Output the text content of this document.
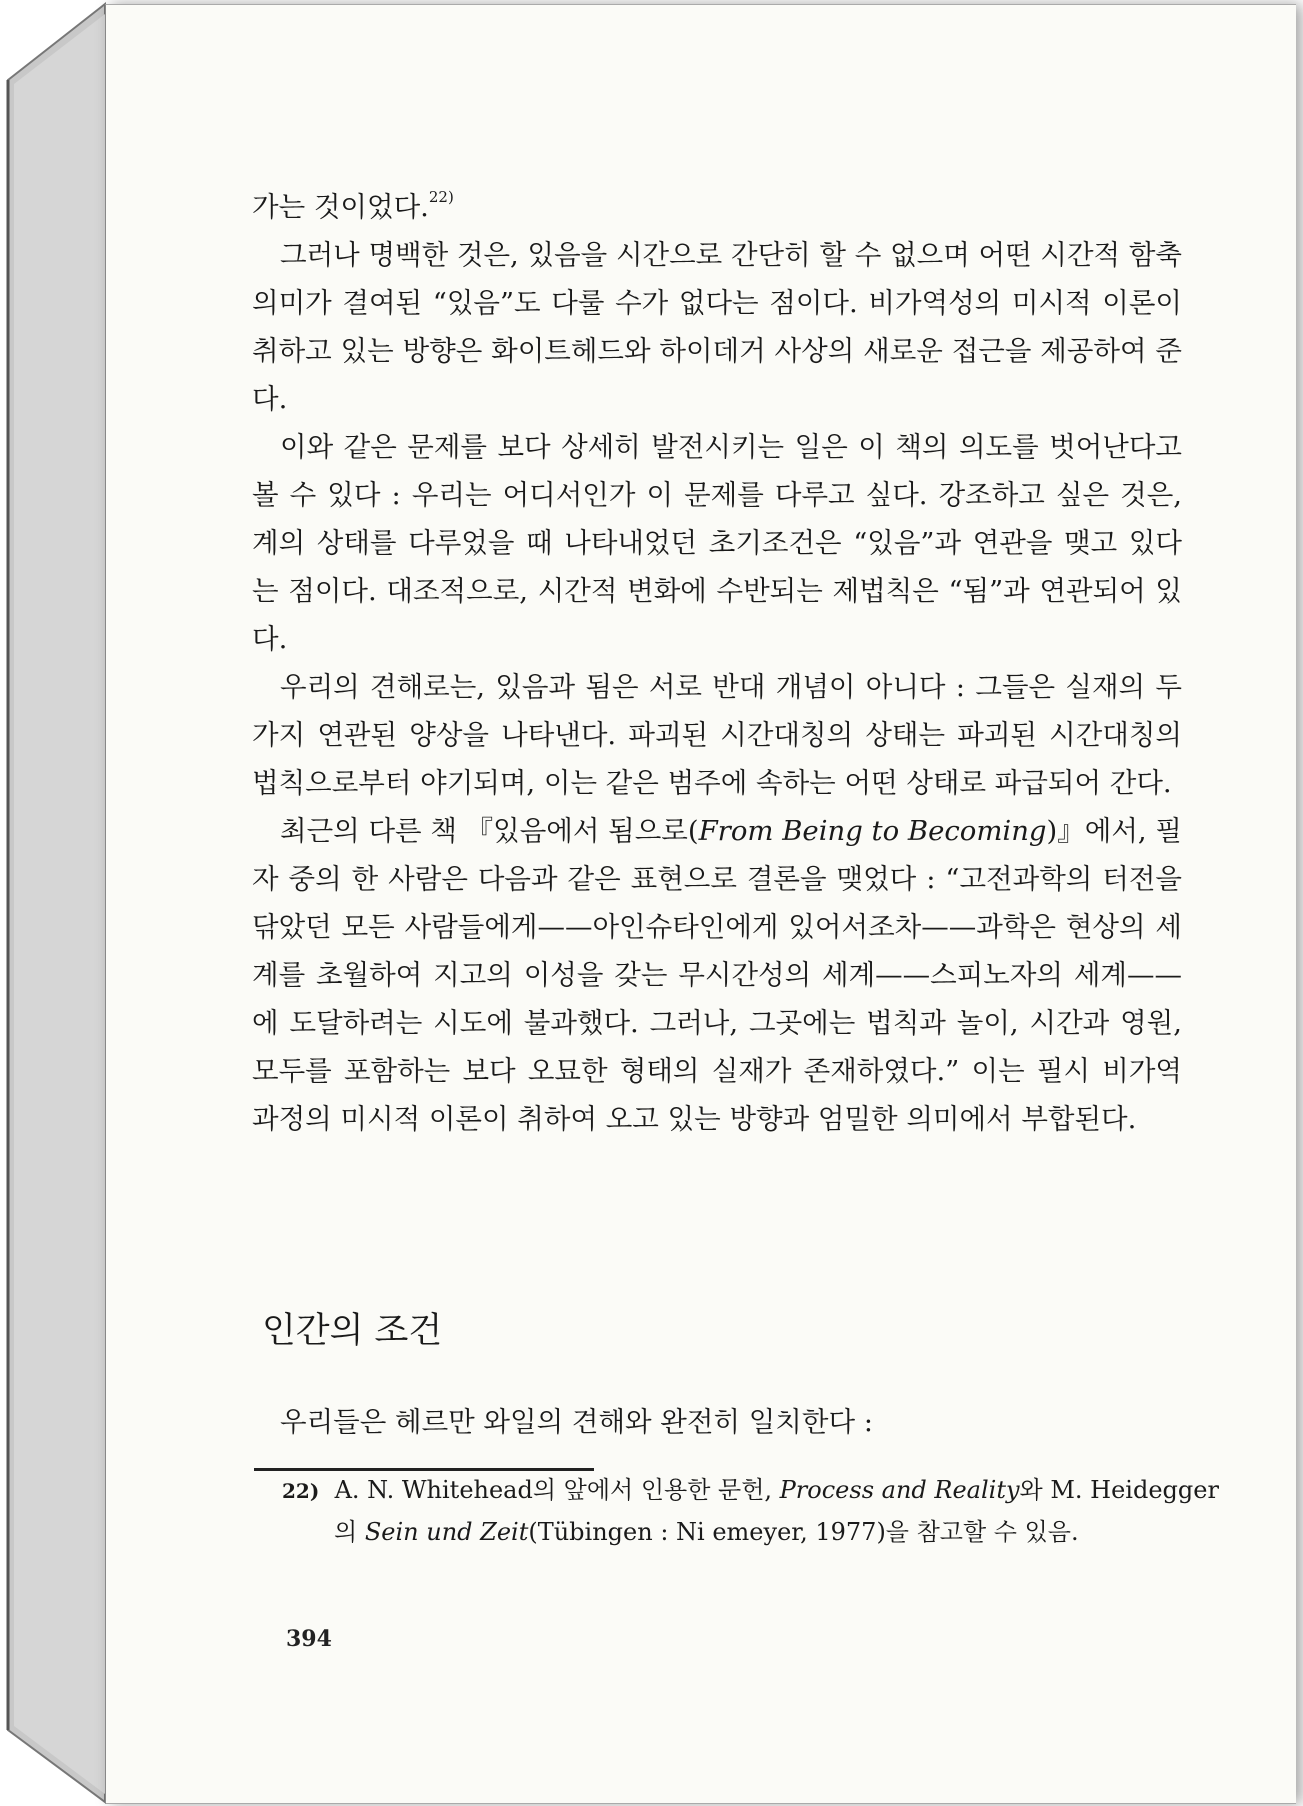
가는 것이었다.$^{22)}$

그러나 명백한 것은, 있음을 시간으로 간단히 할 수 없으며 어떤 시간적 함축 의미가 결여된 “있음”도 다룰 수가 없다는 점이다. 비가역성의 미시적 이론이 취하고 있는 방향은 화이트헤드와 하이데거 사상의 새로운 접근을 제공하여 준다.

이와 같은 문제를 보다 상세히 발전시키는 일은 이 책의 의도를 벗어난다고 볼 수 있다 : 우리는 어디서인가 이 문제를 다루고 싶다. 강조하고 싶은 것은, 계의 상태를 다루었을 때 나타내었던 초기조건은 “있음”과 연관을 맺고 있다는 점이다. 대조적으로, 시간적 변화에 수반되는 제법칙은 “됨”과 연관되어 있다.

우리의 견해로는, 있음과 됨은 서로 반대 개념이 아니다 : 그들은 실재의 두 가지 연관된 양상을 나타낸다. 파괴된 시간대칭의 상태는 파괴된 시간대칭의 법칙으로부터 야기되며, 이는 같은 범주에 속하는 어떤 상태로 파급되어 간다.

최근의 다른 책 『있음에서 됨으로(From Being to Becoming)』에서, 필자 중의 한 사람은 다음과 같은 표현으로 결론을 맺었다 : “고전과학의 터전을 닦았던 모든 사람들에게——아인슈타인에게 있어서조차——과학은 현상의 세계를 초월하여 지고의 이성을 갖는 무시간성의 세계——스피노자의 세계——에 도달하려는 시도에 불과했다. 그러나, 그곳에는 법칙과 놀이, 시간과 영원, 모두를 포함하는 보다 오묘한 형태의 실재가 존재하였다.” 이는 필시 비가역 과정의 미시적 이론이 취하여 오고 있는 방향과 엄밀한 의미에서 부합된다.

인간의 조건

우리들은 헤르만 와일의 견해와 완전히 일치한다 :

22) A. N. Whitehead의 앞에서 인용한 문헌, Process and Reality와 M. Heidegger의 Sein und Zeit(Tübingen : Ni emeyer, 1977)을 참고할 수 있음.

394
